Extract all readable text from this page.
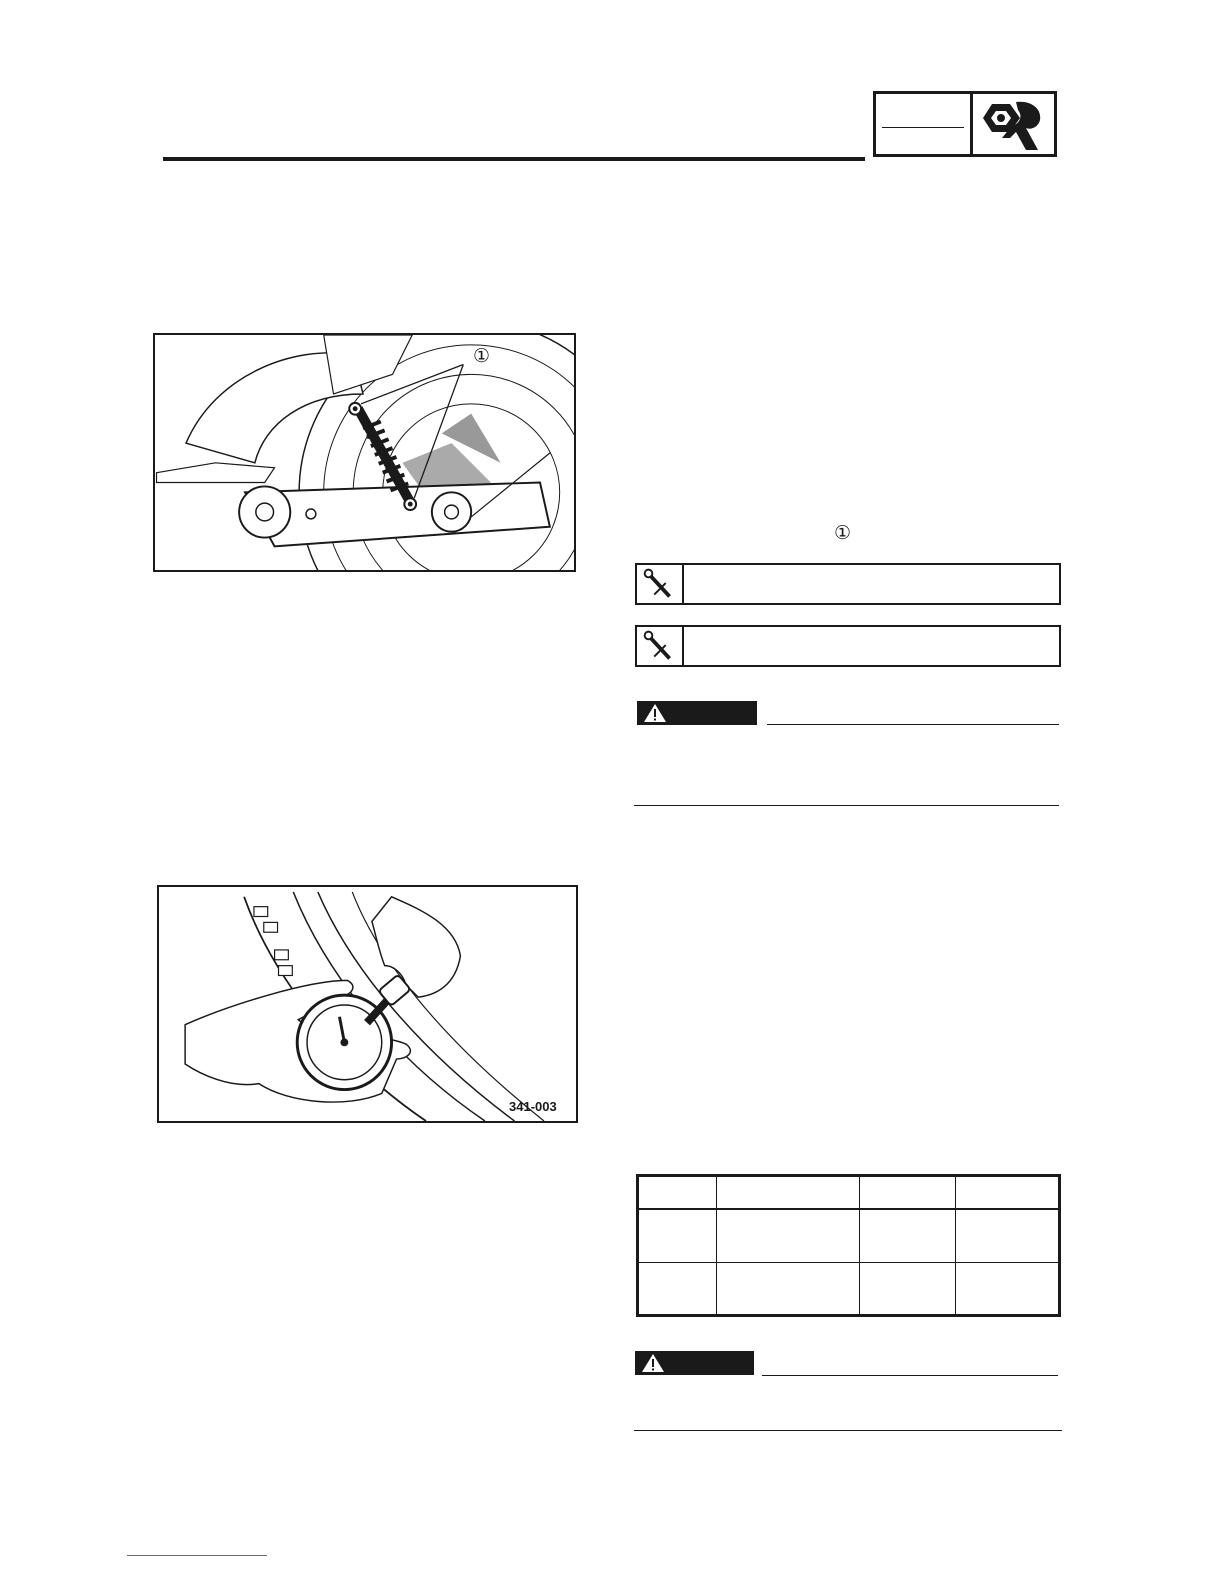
①
341-003
①
